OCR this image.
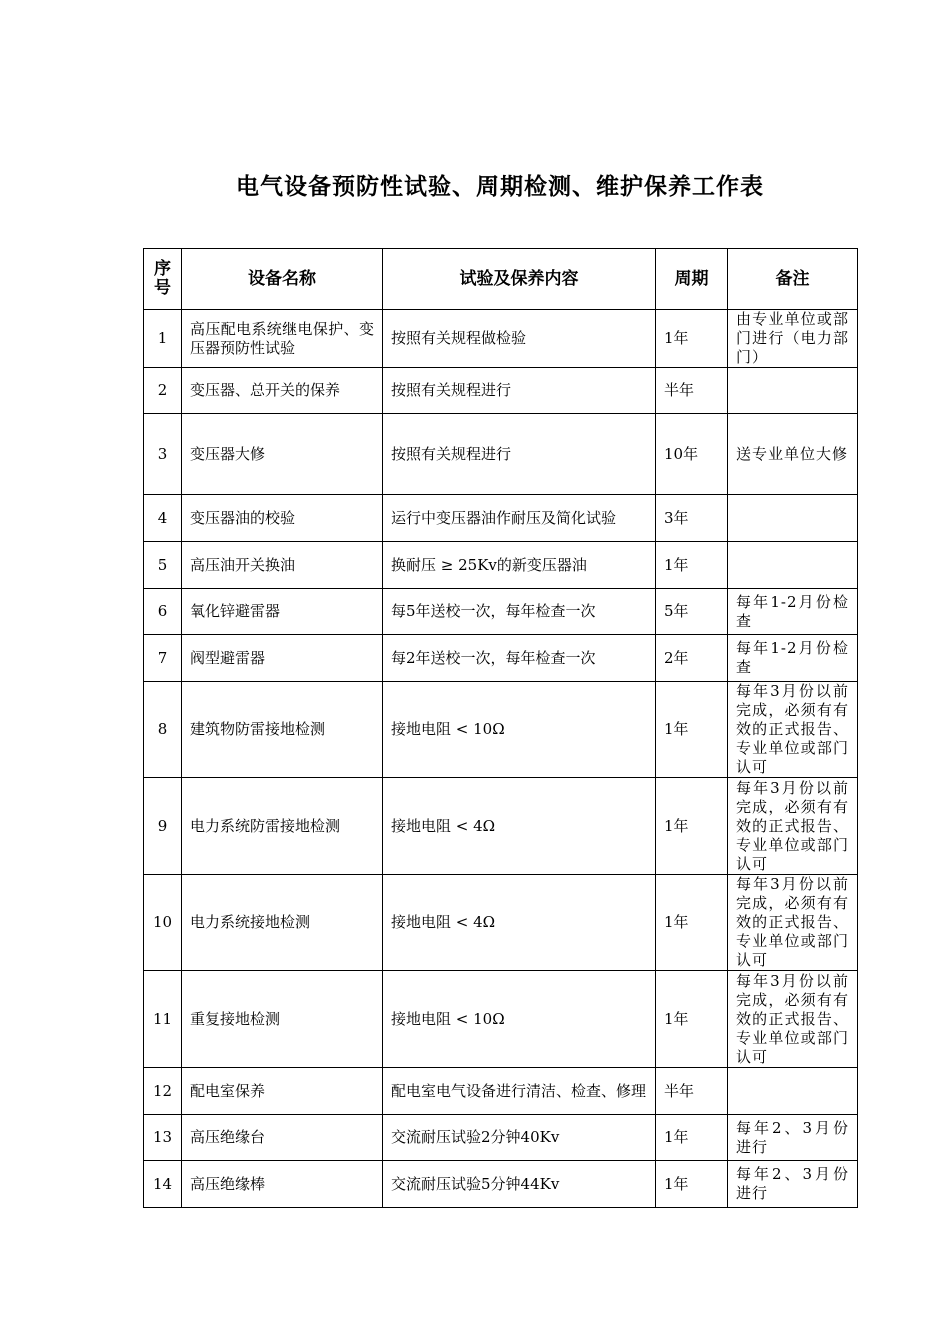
电气设备预防性试验、周期检测、维护保养工作表
序号	设备名称	试验及保养内容	周期	备注
1	高压配电系统继电保护、变压器预防性试验	按照有关规程做检验	1年	由专业单位或部门进行（电力部门）
2	变压器、总开关的保养	按照有关规程进行	半年	
3	变压器大修	按照有关规程进行	10年	送专业单位大修
4	变压器油的校验	运行中变压器油作耐压及简化试验	3年	
5	高压油开关换油	换耐压 ≥ 25Kv的新变压器油	1年	
6	氧化锌避雷器	每5年送校一次，每年检查一次	5年	每年1-2月份检查
7	阀型避雷器	每2年送校一次，每年检查一次	2年	每年1-2月份检查
8	建筑物防雷接地检测	接地电阻 < 10Ω	1年	每年3月份以前完成，必须有有效的正式报告、专业单位或部门认可
9	电力系统防雷接地检测	接地电阻 < 4Ω	1年	每年3月份以前完成，必须有有效的正式报告、专业单位或部门认可
10	电力系统接地检测	接地电阻 < 4Ω	1年	每年3月份以前完成，必须有有效的正式报告、专业单位或部门认可
11	重复接地检测	接地电阻 < 10Ω	1年	每年3月份以前完成，必须有有效的正式报告、专业单位或部门认可
12	配电室保养	配电室电气设备进行清洁、检查、修理	半年	
13	高压绝缘台	交流耐压试验2分钟40Kv	1年	每年2、3月份进行
14	高压绝缘棒	交流耐压试验5分钟44Kv	1年	每年2、3月份进行
